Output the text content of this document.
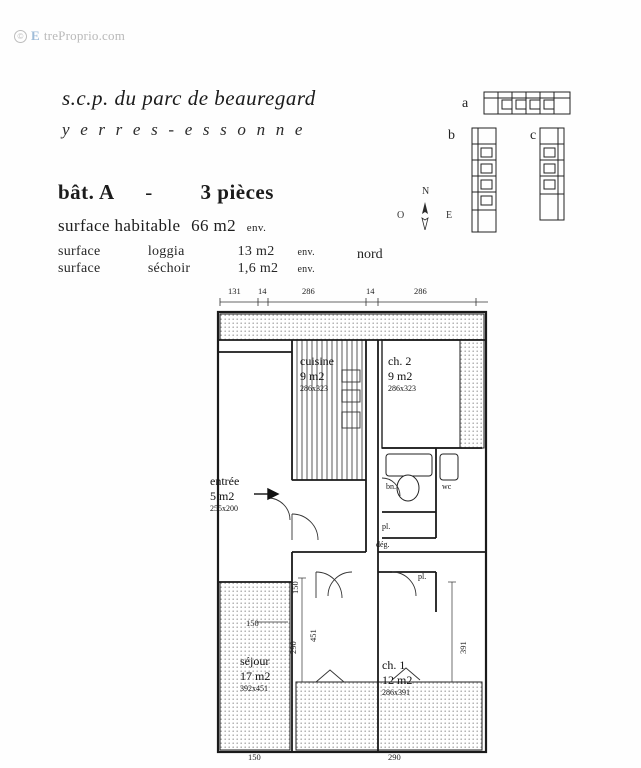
© E treProprio.com
s.c.p. du parc de beauregard
y e r r e s - e s s o n n e
bât. A - 3 pièces
surface habitable 66 m2 env.
surface	loggia	13 m2 env.
surface	séchoir	1,6 m2 env.
N
O	E
nord
a
b	c
131 14	286	14	286
cuisine
9 m2
286x323
ch. 2
9 m2
286x323
entrée
5 m2
255x200
séjour
17 m2
392x451
ch. 1
12 m2
286x391
pl.
dég.
pl.
bn.	wc
150
451
290	391
150
150	290
